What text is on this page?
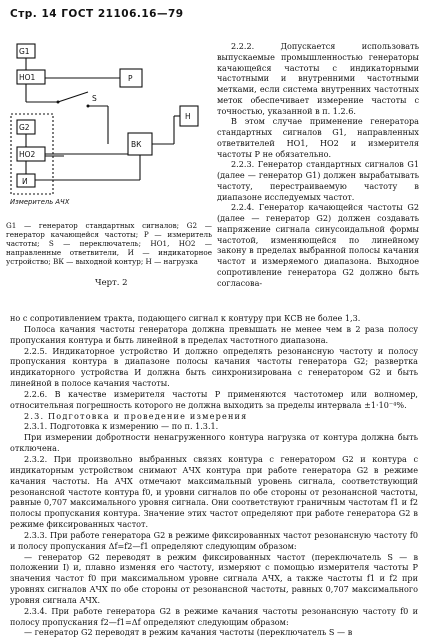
Стр. 14 ГОСТ 21106.16—79
G1
HO1
S
P
G2
HO2
ВК
И
H
Измеритель АЧХ
G1 — генератор стандартных сигналов; G2 — генератор качающейся частоты; P — измеритель частоты; S — переключатель; HO1, HO2 — направленные ответвители, И — индикаторное устройство; ВК — выходной контур; H — нагрузка
Черт. 2

2.2.2. Допускается использовать выпускаемые промышленностью генераторы качающейся частоты с индикаторными частотными и внутренними частотными метками, если система внутренних частотных меток обеспечивает измерение частоты с точностью, указанной в п. 1.2.6.

В этом случае применение генератора стандартных сигналов G1, направленных ответвителей HO1, HO2 и измерителя частоты P не обязательно.

2.2.3. Генератор стандартных сигналов G1 (далее — генератор G1) должен вырабатывать частоту, перестраиваемую частоту в диапазоне исследуемых частот.

2.2.4. Генератор качающейся частоты G2 (далее — генератор G2) должен создавать напряжение сигнала синусоидальной формы частотой, изменяющейся по линейному закону в пределах выбранной полосы качания частот и измеряемого диапазона. Выходное сопротивление генератора G2 должно быть согласова-

но с сопротивлением тракта, подающего сигнал к контуру при КСВ не более 1,3.

Полоса качания частоты генератора должна превышать не менее чем в 2 раза полосу пропускания контура и быть линейной в пределах частотного диапазона.

2.2.5. Индикаторное устройство И должно определять резонансную частоту и полосу пропускания контура в диапазоне полосы качания частоты генератора G2; развертка индикаторного устройства И должна быть синхронизирована с генератором G2 и быть линейной в полосе качания частоты.

2.2.6. В качестве измерителя частоты P применяются частотомер или волномер, относительная погрешность которого не должна выходить за пределы интервала ±1·10⁻⁴%.

2.3. Подготовка и проведение измерения

2.3.1. Подготовка к измерению — по п. 1.3.1.

При измерении добротности ненагруженного контура нагрузка от контура должна быть отключена.

2.3.2. При произвольно выбранных связях контура с генератором G2 и контура с индикаторным устройством снимают АЧХ контура при работе генератора G2 в режиме качания частоты. На АЧХ отмечают максимальный уровень сигнала, соответствующий резонансной частоте контура f0, и уровни сигналов по обе стороны от резонансной частоты, равные 0,707 максимального уровня сигнала. Они соответствуют граничным частотам f1 и f2 полосы пропускания контура. Значение этих частот определяют при работе генератора G2 в режиме фиксированных частот.

2.3.3. При работе генератора G2 в режиме фиксированных частот резонансную частоту f0 и полосу пропускания Δf=f2—f1 определяют следующим образом:

— генератор G2 переводят в режим фиксированных частот (переключатель S — в положении I) и, плавно изменяя его частоту, измеряют с помощью измерителя частоты P значения частот f0 при максимальном уровне сигнала АЧХ, а также частоты f1 и f2 при уровнях сигналов АЧХ по обе стороны от резонансной частоты, равных 0,707 максимального уровня сигнала АЧХ.

2.3.4. При работе генератора G2 в режиме качания частоты резонансную частоту f0 и полосу пропускания f2—f1=Δf определяют следующим образом:

— генератор G2 переводят в режим качания частоты (переключатель S — в
